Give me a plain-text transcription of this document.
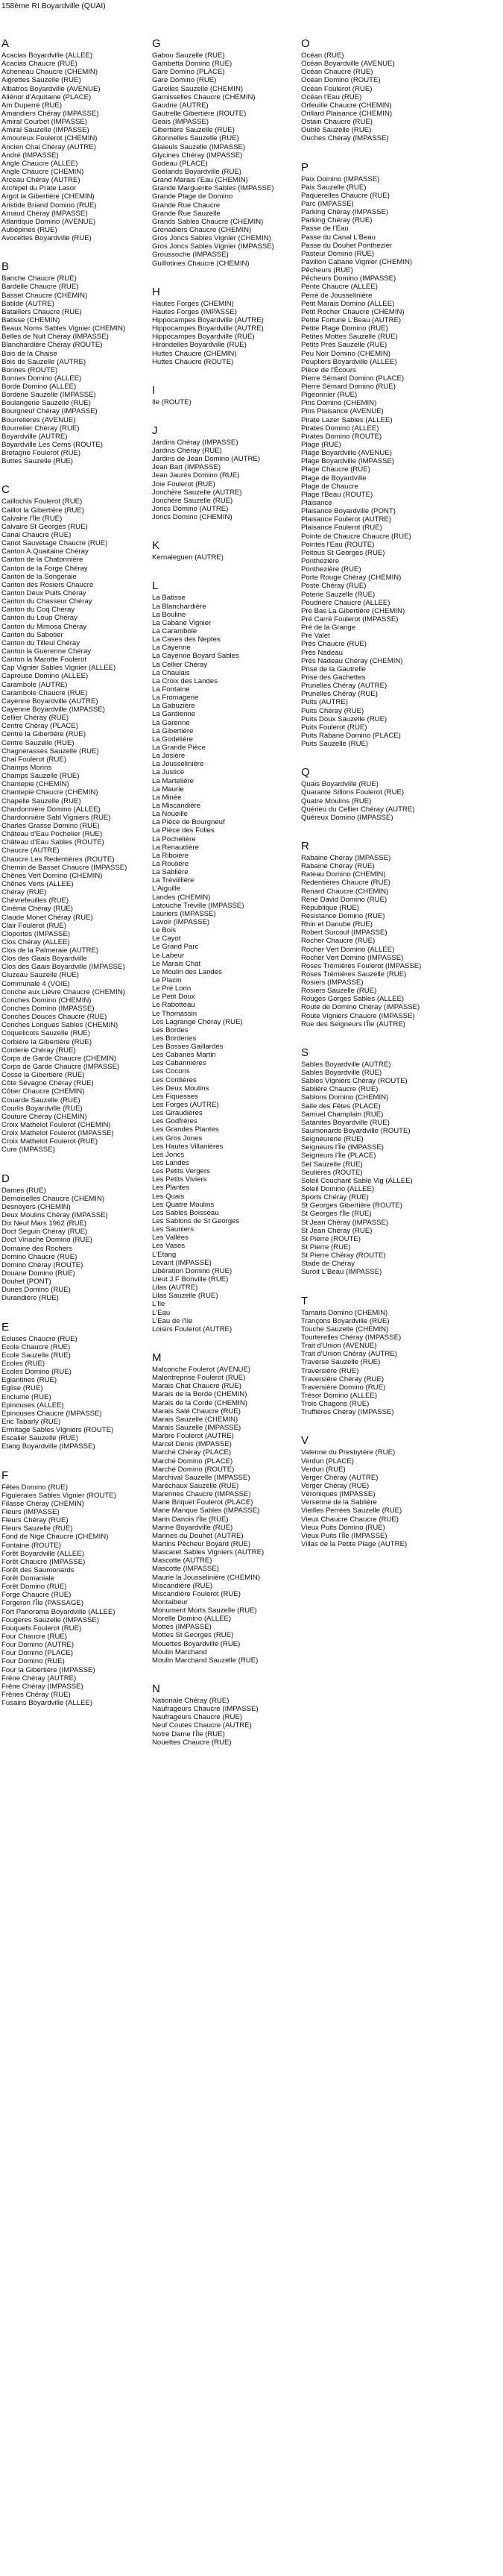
158ème RI Boyardville (QUAI)
A
Acacias Boyardville (ALLEE)
Acacias Chaucre (RUE)
Acheneau Chaucre (CHEMIN)
Aigrettes Sauzelle (RUE)
Albatros Boyardville (AVENUE)
Aliénor d'Aquitaine (PLACE)
Am Duperré (RUE)
Amandiers Chéray (IMPASSE)
Amiral Courbet (IMPASSE)
Amiral Sauzelle (IMPASSE)
Amoureux Foulerot (CHEMIN)
Ancien Chai Chéray (AUTRE)
André (IMPASSE)
Angle Chaucre (ALLEE)
Angle Chaucre (CHEMIN)
Arceau Chéray (AUTRE)
Archipel du Prate Lasor
Argot la Gibertière (CHEMIN)
Aristide Briand Domino (RUE)
Arnaud Chéray (IMPASSE)
Atlantique Domino (AVENUE)
Aubépines (RUE)
Avocettes Boyardville (RUE)
B
Banche Chaucre (RUE)
Bardelle Chaucre (RUE)
Basset Chaucre (CHEMIN)
Batilde (AUTRE)
Bataillers Chaucre (RUE)
Batisse (CHEMIN)
Beaux Noms Sables Vignier (CHEMIN)
Belles de Nuit Chéray (IMPASSE)
Blanchardière Chéray (ROUTE)
Bois de la Chaise
Bois de Sauzelle (AUTRE)
Bonnes (ROUTE)
Bonnes Domino (ALLEE)
Borde Domino (ALLEE)
Borderie Sauzelle (IMPASSE)
Boulangerie Sauzelle (RUE)
Bourgneuf Chéray (IMPASSE)
Bourrelieres (AVENUE)
Bourrelier Chéray (RUE)
Boyardville (AUTRE)
Boyardville Les Cerns (ROUTE)
Bretagne Foulerot (RUE)
Buttes Sauzelle (RUE)
C
Caillochis Foulerot (RUE)
Caillot la Gibertière (RUE)
Calvaire l'Île (RUE)
Calvaire St Georges (RUE)
Canal Chaucre (RUE)
Canot Sauvetage Chaucre (RUE)
Canton A.Quaitaine Chéray
Canton de la Chatonnière
Canton de la Forge Chéray
Canton de la Songeraie
Canton des Rosiers Chaucre
Canton Deux Puits Chéray
Canton du Chasseur Chéray
Canton du Coq Chéray
Canton du Loup Chéray
Canton du Mimosa Chéray
Canton du Sabotier
Canton du Tilleul Chéray
Canton la Guerenne Chéray
Canton la Marotte Foulerot
Cap Vignier Sables Vignier (ALLEE)
Capreuse Domino (ALLEE)
Carambole (AUTRE)
Carambole Chaucre (RUE)
Cayenne Boyardville (AUTRE)
Cayenne Boyardville (IMPASSE)
Cellier Chéray (RUE)
Centre Chéray (PLACE)
Centre la Gibertière (RUE)
Centre Sauzelle (RUE)
Chagnerasses Sauzelle (RUE)
Chai Foulerot (RUE)
Champs Morins
Champs Sauzelle (RUE)
Chantepie (CHEMIN)
Chantepie Chaucre (CHEMIN)
Chapelle Sauzelle (RUE)
Chardonnière Domino (ALLEE)
Chardonnière Sabl Vigniers (RUE)
Charles Grasse Domino (RUE)
Château d'Eau Pochelier (RUE)
Château d'Eau Sables (ROUTE)
Chaucre (AUTRE)
Chaucre Les Redentières (ROUTE)
Chemin de Basset Chaucre (IMPASSE)
Chênes Vert Domino (CHEMIN)
Chênes Verts (ALLEE)
Chéray (RUE)
Chèvrefeuilles (RUE)
Cinéma Chéray (RUE)
Claude Monet Chéray (RUE)
Clair Foulerot (RUE)
Cloportes (IMPASSE)
Clos Chéray (ALLEE)
Clos de la Palmeraie (AUTRE)
Clos des Gaais Boyardville
Clos des Gaais Boyardville (IMPASSE)
Cluzeau Sauzelle (RUE)
Communale 4 (VOIE)
Conche aux Lièvre Chaucre (CHEMIN)
Conches Domino (CHEMIN)
Conches Domino (IMPASSE)
Conches Douces Chaucre (RUE)
Conches Longues Sables (CHEMIN)
Coquelicots Sauzelle (RUE)
Corbière la Gibertière (RUE)
Corderie Chéray (RUE)
Corps de Garde Chaucre (CHEMIN)
Corps de Garde Chaucre (IMPASSE)
Cosse la Gibertière (RUE)
Côte Sévagne Chéray (RUE)
Côtier Chaucre (CHEMIN)
Couarde Sauzelle (RUE)
Courlis Boyardville (RUE)
Couture Chéray (CHEMIN)
Croix Mathelot Foulerot (CHEMIN)
Croix Mathelot Foulerot (IMPASSE)
Croix Mathelot Foulerot (RUE)
Cure (IMPASSE)
D
Dames (RUE)
Demoiselles Chaucre (CHEMIN)
Desnoyers (CHEMIN)
Deux Moulins Chéray (IMPASSE)
Dix Neuf Mars 1962 (RUE)
Doct Seguin Chéray (RUE)
Doct Vinache Domino (RUE)
Domaine des Rochers
Domino Chaucre (RUE)
Domino Chéray (ROUTE)
Douane Domino (RUE)
Douhet (PONT)
Dunes Domino (RUE)
Durandière (RUE)
E
Ecluses Chaucre (RUE)
Ecole Chaucre (RUE)
Ecole Sauzelle (RUE)
Ecoles (RUE)
Ecoles Domino (RUE)
Eglantines (RUE)
Eglise (RUE)
Enclume (RUE)
Epinouses (ALLEE)
Epinouses Chaucre (IMPASSE)
Eric Tabarly (RUE)
Ermitage Sables Vigniers (ROUTE)
Escalier Sauzelle (RUE)
Etang Boyardville (IMPASSE)
F
Fêtes Domino (RUE)
Figuieraies Sables Vignier (ROUTE)
Filasse Chéray (CHEMIN)
Fleurs (IMPASSE)
Fleurs Chéray (RUE)
Fleurs Sauzelle (RUE)
Fond de Nige Chaucre (CHEMIN)
Fontaine (ROUTE)
Forêt Boyardville (ALLEE)
Forêt Chaucre (IMPASSE)
Forêt des Saumonards
Forêt Domaniale
Forêt Domino (RUE)
Forge Chaucre (RUE)
Forgeron l'Île (PASSAGE)
Fort Panorama Boyardville (ALLEE)
Fougères Sauzelle (IMPASSE)
Fouquets Foulerot (RUE)
Four Chaucre (RUE)
Four Domino (AUTRE)
Four Domino (PLACE)
Four Domino (RUE)
Four la Gibertière (IMPASSE)
Fréne Chéray (AUTRE)
Frêne Chéray (IMPASSE)
Frênes Chéray (RUE)
Fusains Boyardville (ALLEE)
G
Gabou Sauzelle (RUE)
Gambetta Domino (RUE)
Gare Domino (PLACE)
Gare Domino (RUE)
Garelles Sauzelle (CHEMIN)
Garnisselles Chaucre (CHEMIN)
Gaudrie (AUTRE)
Gautrelle Gibertière (ROUTE)
Geais (IMPASSE)
Gibertière Sauzelle (RUE)
Gitonnelles Sauzelle (RUE)
Glaieuls Sauzelle (IMPASSE)
Glycines Chéray (IMPASSE)
Godeau (PLACE)
Goélands Boyardville (RUE)
Grand Marais l'Eau (CHEMIN)
Grande Marguerite Sables (IMPASSE)
Grande Plage de Domino
Grande Rue Chaucre
Grande Rue Sauzelle
Grands Sables Chaucre (CHEMIN)
Grenadiers Chaucre (CHEMIN)
Gros Joncs Sables Vignier (CHEMIN)
Gros Joncs Sables Vignier (IMPASSE)
Groussoche (IMPASSE)
Guillotines Chaucre (CHEMIN)
H
Hautes Forges (CHEMIN)
Hautes Forges (IMPASSE)
Hippocampes Boyardville (AUTRE)
Hippocampes Boyardville (AUTRE)
Hippocampes Boyardville (RUE)
Hirondelles Boyardville (RUE)
Huttes Chaucre (CHEMIN)
Huttes Chaucre (ROUTE)
I
Ile (ROUTE)
J
Jardins Chéray (IMPASSE)
Jardins Chéray (RUE)
Jardins de Jean Domino (AUTRE)
Jean Bart (IMPASSE)
Jean Jaurès Domino (RUE)
Joie Foulerot (RUE)
Jonchère Sauzelle (AUTRE)
Jonchère Sauzelle (RUE)
Joncs Domino (AUTRE)
Joncs Domino (CHEMIN)
K
Kernaleguen (AUTRE)
L
La Batisse
La Blanchardière
La Bouline
La Cabane Vignier
La Carambole
La Cases des Neptes
La Cayenne
La Cayenne Boyard Sables
La Cellier Chéray
La Chaulais
La Croix des Landes
La Fontaine
La Fromagerie
La Gabuzière
La Gardienne
La Garenne
La Gibertière
La Godelière
La Grande Pièce
La Josière
La Jousselinière
La Justice
La Martelière
La Maurie
La Minée
La Miscandière
La Noueille
La Pièce de Bourgneuf
La Pièce des Folies
La Pochelière
La Renaudière
La Riboière
La Roulière
La Sablière
La Tréviillière
L'Aiguille
Landes (CHEMIN)
Latouche Tréville (IMPASSE)
Lauriers (IMPASSE)
Lavoir (IMPASSE)
Le Bois
Le Cayot
Le Grand Parc
Le Labeur
Le Marais Chat
Le Moulin des Landes
Le Placin
Le Pré Lorin
Le Petit Doux
Le Rabotteau
Le Thomassin
Les Lagrange Chéray (RUE)
Les Bordes
Les Borderies
Les Bosses Gaillardes
Les Cabanes Martin
Les Cabannières
Les Cocons
Les Cordières
Les Deux Moulins
Les Fiquesses
Les Forges (AUTRE)
Les Giraudières
Les Godfrères
Les Grandes Plantes
Les Gros Jones
Les Hautes Villanières
Les Joncs
Les Landes
Les Petits Vergers
Les Petits Viviers
Les Plantes
Les Quais
Les Quatre Moulins
Les Sables Boisseau
Les Sablons de St Georges
Les Sauniers
Les Vallées
Les Vases
L'Etang
Levant (IMPASSE)
Libération Domino (RUE)
Lieut J.F Bonville (RUE)
Lilas (AUTRE)
Lilas Sauzelle (RUE)
L'Ile
L'Eau
L'Eau de l'Ile
Loisirs Foulerot (AUTRE)
M
Malconche Foulerot (AVENUE)
Malentreprise Foulerot (RUE)
Marais Chat Chaucre (RUE)
Marais de la Borde (CHEMIN)
Marais de la Corde (CHEMIN)
Marais Salé Chaucre (RUE)
Marais Sauzelle (CHEMIN)
Marais Sauzelle (IMPASSE)
Marbre Foulerot (AUTRE)
Marcel Denis (IMPASSE)
Marché Chéray (PLACE)
Marché Domino (PLACE)
Marché Domino (ROUTE)
Marchival Sauzelle (IMPASSE)
Maréchaux Sauzelle (RUE)
Marennes Chaucre (IMPASSE)
Marie Briquet Foulerot (PLACE)
Marie Manque Sables (IMPASSE)
Marin Danois l'Île (RUE)
Marine Boyardville (RUE)
Marines du Douhet (AUTRE)
Martins Pêcheur Boyard (RUE)
Mascaret Sables Vigniers (AUTRE)
Mascotte (AUTRE)
Mascotte (IMPASSE)
Maurie la Jousselinière (CHEMIN)
Miscandière (RUE)
Miscandière Foulerot (RUE)
Montaibeur
Monument Morts Sauzelle (RUE)
Morelle Domino (ALLEE)
Mottes (IMPASSE)
Mottes St Georges (RUE)
Mouettes Boyardville (RUE)
Moulin Marchand
Moulin Marchand Sauzelle (RUE)
N
Nationale Chéray (RUE)
Naufrageurs Chaucre (IMPASSE)
Naufrageurs Chaucre (RUE)
Neuf Coutes Chaucre (AUTRE)
Notre Dame l'Île (RUE)
Nouettes Chaucre (RUE)
O
Océan (RUE)
Océan Boyardville (AVENUE)
Océan Chaucre (RUE)
Océan Domino (ROUTE)
Océan Foulerot (RUE)
Océan l'Eau (RUE)
Orfeuille Chaucre (CHEMIN)
Orillard Plaisance (CHEMIN)
Ostain Chaucre (RUE)
Oublé Sauzelle (RUE)
Ouches Chéray (IMPASSE)
P
Paix Domino (IMPASSE)
Paix Sauzelle (RUE)
Paquerelles Chaucre (RUE)
Parc (IMPASSE)
Parking Chéray (IMPASSE)
Parking Chéray (RUE)
Passe de l'Eau
Passe du Canal L'Beau
Passe du Douhet Ponthezier
Pasteur Domino (RUE)
Pavillon Cabane Vignier (CHEMIN)
Pêcheurs (RUE)
Pêcheurs Domino (IMPASSE)
Pente Chaucre (ALLEE)
Perré de Jousselinière
Petit Marais Domino (ALLEE)
Petit Rocher Chaucre (CHEMIN)
Petite Fortune L'Beau (AUTRE)
Petite Plage Domino (RUE)
Petites Mottes Sauzelle (RUE)
Petits Prés Sauzelle (RUE)
Peu Noir Domino (CHEMIN)
Peupliers Boyardville (ALLEE)
Pièce de l'Écours
Pierre Sémard Domino (PLACE)
Pierre Sémard Domino (RUE)
Pigeonnier (RUE)
Pins Domino (CHEMIN)
Pins Plaisance (AVENUE)
Pirate Lazer Sables (ALLEE)
Pirates Domino (ALLEE)
Pirates Domino (ROUTE)
Plage (RUE)
Plage Boyardville (AVENUE)
Plage Boyardville (IMPASSE)
Plage Chaucre (RUE)
Plage de Boyardville
Plage de Chaucre
Plage l'Beau (ROUTE)
Plaisance
Plaisance Boyardville (PONT)
Plaisance Foulerot (AUTRE)
Plaisance Foulerot (RUE)
Pointe de Chaucre Chaucre (RUE)
Pointes l'Eau (ROUTE)
Poitous St Georges (RUE)
Ponthezière
Ponthezière (RUE)
Porte Rouge Chéray (CHEMIN)
Poste Chéray (RUE)
Poterie Sauzelle (RUE)
Poudrière Chaucre (ALLEE)
Pré Bas La Gibertière (CHEMIN)
Pré Carré Foulerot (IMPASSE)
Pré de la Grange
Pré Valet
Prés Chaucre (RUE)
Prés Nadeau
Prés Nadeau Chéray (CHEMIN)
Prise de la Gautrelle
Prise des Gachettes
Prunelles Chéray (AUTRE)
Prunelles Chéray (RUE)
Puits (AUTRE)
Puits Chéray (RUE)
Puits Doux Sauzelle (RUE)
Puits Foulerot (RUE)
Puits Rabane Domino (PLACE)
Puits Sauzelle (RUE)
Q
Quais Boyardville (RUE)
Quarante Sillons Foulerot (RUE)
Quatre Moulins (RUE)
Quérieu du Cellier Chéray (AUTRE)
Quéreux Domino (IMPASSE)
R
Rabaine Chéray (IMPASSE)
Rabaine Chéray (RUE)
Rateau Domino (CHEMIN)
Redentières Chaucre (RUE)
Renard Chaucre (CHEMIN)
René David Domino (RUE)
République (RUE)
Résistance Domino (RUE)
Rhin et Danube (RUE)
Robert Surcouf (IMPASSE)
Rocher Chaucre (RUE)
Rocher Vert Domino (ALLEE)
Rocher Vert Domino (IMPASSE)
Roses Trémières Foulerot (IMPASSE)
Roses Trémières Sauzelle (RUE)
Rosiers (IMPASSE)
Rosiers Sauzelle (RUE)
Rouges Gorges Sables (ALLEE)
Route de Domino Chéray (IMPASSE)
Route Vigniers Chaucre (IMPASSE)
Rue des Seigneurs l'Île (AUTRE)
S
Sables Boyardville (AUTRE)
Sables Boyardville (RUE)
Sables Vigniers Chéray (ROUTE)
Sablière Chaucre (RUE)
Sablons Domino (CHEMIN)
Salle des Fêtes (PLACE)
Samuel Champlain (RUE)
Satanites Boyardville (RUE)
Saumonards Boyardville (ROUTE)
Seigneurerie (RUE)
Seigneurs l'Île (IMPASSE)
Seigneurs l'Île (PLACE)
Sel Sauzelle (RUE)
Seulières (ROUTE)
Soleil Couchant Sable Vig (ALLEE)
Soleil Domino (ALLEE)
Sports Chéray (RUE)
St Georges Gibertière (ROUTE)
St Georges l'Île (RUE)
St Jean Chéray (IMPASSE)
St Jean Chéray (RUE)
St Pierre (ROUTE)
St Pierre (RUE)
St Pierre Chéray (ROUTE)
Stade de Chéray
Suroit L'Beau (IMPASSE)
T
Tamaris Domino (CHEMIN)
Trançons Boyardville (RUE)
Touche Sauzelle (CHEMIN)
Tourterelles Chéray (IMPASSE)
Trait d'Union (AVENUE)
Trait d'Union Chéray (AUTRE)
Traverse Sauzelle (RUE)
Traversière (RUE)
Traversière Chéray (RUE)
Traversière Domino (RUE)
Trésor Domino (ALLEE)
Trois Chagons (RUE)
Truffières Chéray (IMPASSE)
V
Valenne du Presbytère (RUE)
Verdun (PLACE)
Verdun (RUE)
Verger Chéray (AUTRE)
Verger Chéray (RUE)
Véroniques (IMPASSE)
Versenne de la Sablière
Vieilles Perrées Sauzelle (RUE)
Vieux Chaucre Chaucre (RUE)
Vieux Puits Domino (RUE)
Vieux Puits l'Île (IMPASSE)
Villas de la Petite Plage (AUTRE)
